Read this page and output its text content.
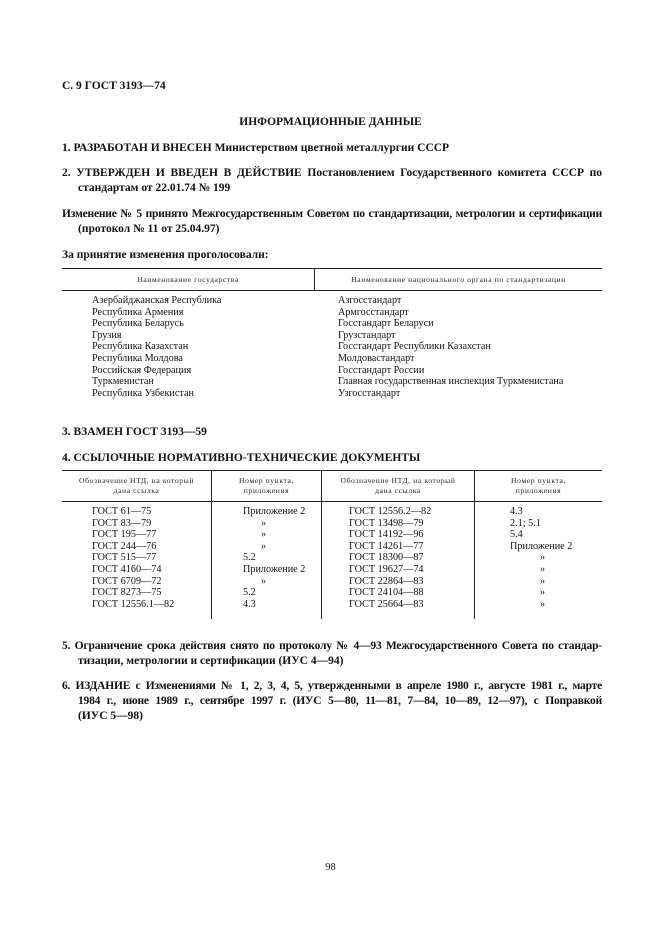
С. 9 ГОСТ 3193—74
ИНФОРМАЦИОННЫЕ ДАННЫЕ
1. РАЗРАБОТАН И ВНЕСЕН Министерством цветной металлургии СССР
2. УТВЕРЖДЕН И ВВЕДЕН В ДЕЙСТВИЕ Постановлением Государственного комитета СССР по
стандартам от 22.01.74 № 199
Изменение № 5 принято Межгосударственным Советом по стандартизации, метрологии и сертификации
(протокол № 11 от 25.04.97)
За принятие изменения проголосовали:
Наименование государства	Наименование национального органа по стандартизации
Азербайджанская Республика
Республика Армения
Республика Беларусь
Грузия
Республика Казахстан
Республика Молдова
Российская Федерация
Туркменистан
Республика Узбекистан
Азгосстандарт
Армгосстандарт
Госстандарт Беларуси
Грузстандарт
Госстандарт Республики Казахстан
Молдовастандарт
Госстандарт России
Главная государственная инспекция Туркменистана
Узгосстандарт
3. ВЗАМЕН ГОСТ 3193—59
4. ССЫЛОЧНЫЕ НОРМАТИВНО-ТЕХНИЧЕСКИЕ ДОКУМЕНТЫ
Обозначение НТД, на который
дана ссылка
Номер пункта,
приложения
Обозначение НТД, на который
дана ссылка
Номер пункта,
приложения
ГОСТ 61—75
ГОСТ 83—79
ГОСТ 195—77
ГОСТ 244—76
ГОСТ 515—77
ГОСТ 4160—74
ГОСТ 6709—72
ГОСТ 8273—75
ГОСТ 12556.1—82
Приложение 2
»
»
»
5.2
Приложение 2
»
5.2
4.3
ГОСТ 12556.2—82
ГОСТ 13498—79
ГОСТ 14192—96
ГОСТ 14261—77
ГОСТ 18300—87
ГОСТ 19627—74
ГОСТ 22864—83
ГОСТ 24104—88
ГОСТ 25664—83
4.3
2.1; 5.1
5.4
Приложение 2
»
»
»
»
»
5. Ограничение срока действия снято по протоколу № 4—93 Межгосударственного Совета по стандар-
тизации, метрологии и сертификации (ИУС 4—94)
6. ИЗДАНИЕ с Изменениями № 1, 2, 3, 4, 5, утвержденными в апреле 1980 г., августе 1981 г., марте
1984 г., июне 1989 г., сентябре 1997 г. (ИУС 5—80, 11—81, 7—84, 10—89, 12—97), с Поправкой
(ИУС 5—98)
98
